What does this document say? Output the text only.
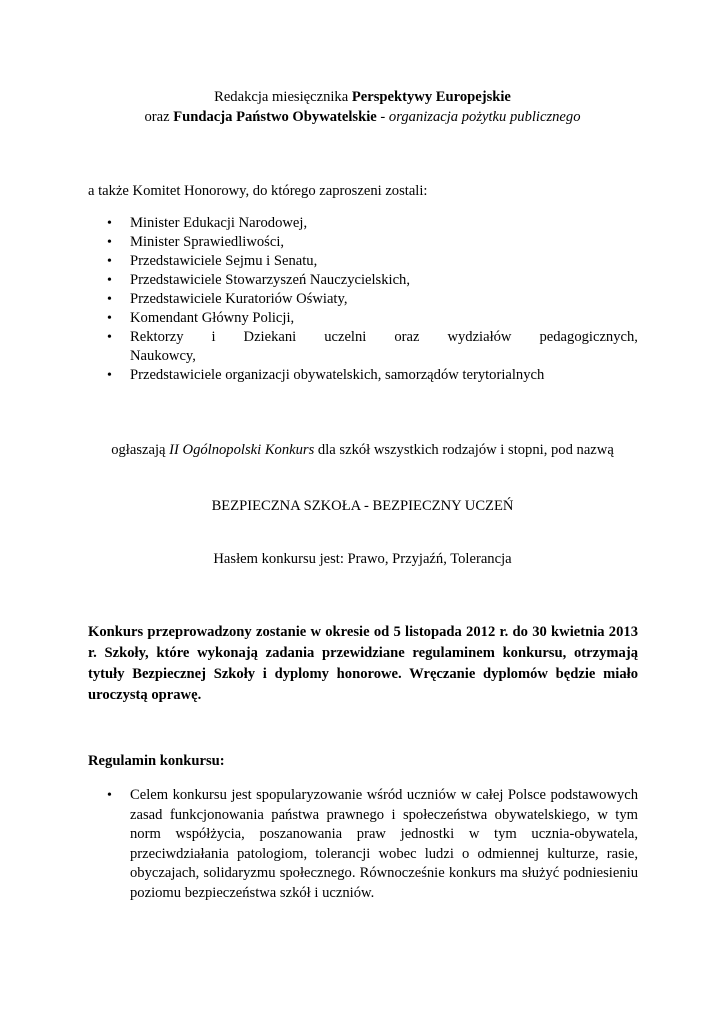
Redakcja miesięcznika Perspektywy Europejskie

oraz Fundacja Państwo Obywatelskie - organizacja pożytku publicznego

a także Komitet Honorowy, do którego zaproszeni zostali:

• Minister Edukacji Narodowej,
• Minister Sprawiedliwości,
• Przedstawiciele Sejmu i Senatu,
• Przedstawiciele Stowarzyszeń Nauczycielskich,
• Przedstawiciele Kuratoriów Oświaty,
• Komendant Główny Policji,
• Rektorzy i Dziekani uczelni oraz wydziałów pedagogicznych,
Naukowcy,
• Przedstawiciele organizacji obywatelskich, samorządów terytorialnych

ogłaszają II Ogólnopolski Konkurs dla szkół wszystkich rodzajów i stopni, pod nazwą

BEZPIECZNA SZKOŁA - BEZPIECZNY UCZEŃ

Hasłem konkursu jest: Prawo, Przyjaźń, Tolerancja

Konkurs przeprowadzony zostanie w okresie od 5 listopada 2012 r. do 30 kwietnia 2013 r. Szkoły, które wykonają zadania przewidziane regulaminem konkursu, otrzymają tytuły Bezpiecznej Szkoły i dyplomy honorowe. Wręczanie dyplomów będzie miało uroczystą oprawę.

Regulamin konkursu:

• Celem konkursu jest spopularyzowanie wśród uczniów w całej Polsce podstawowych zasad funkcjonowania państwa prawnego i społeczeństwa obywatelskiego, w tym norm współżycia, poszanowania praw jednostki w tym ucznia-obywatela, przeciwdziałania patologiom, tolerancji wobec ludzi o odmiennej kulturze, rasie, obyczajach, solidaryzmu społecznego. Równocześnie konkurs ma służyć podniesieniu poziomu bezpieczeństwa szkół i uczniów.
